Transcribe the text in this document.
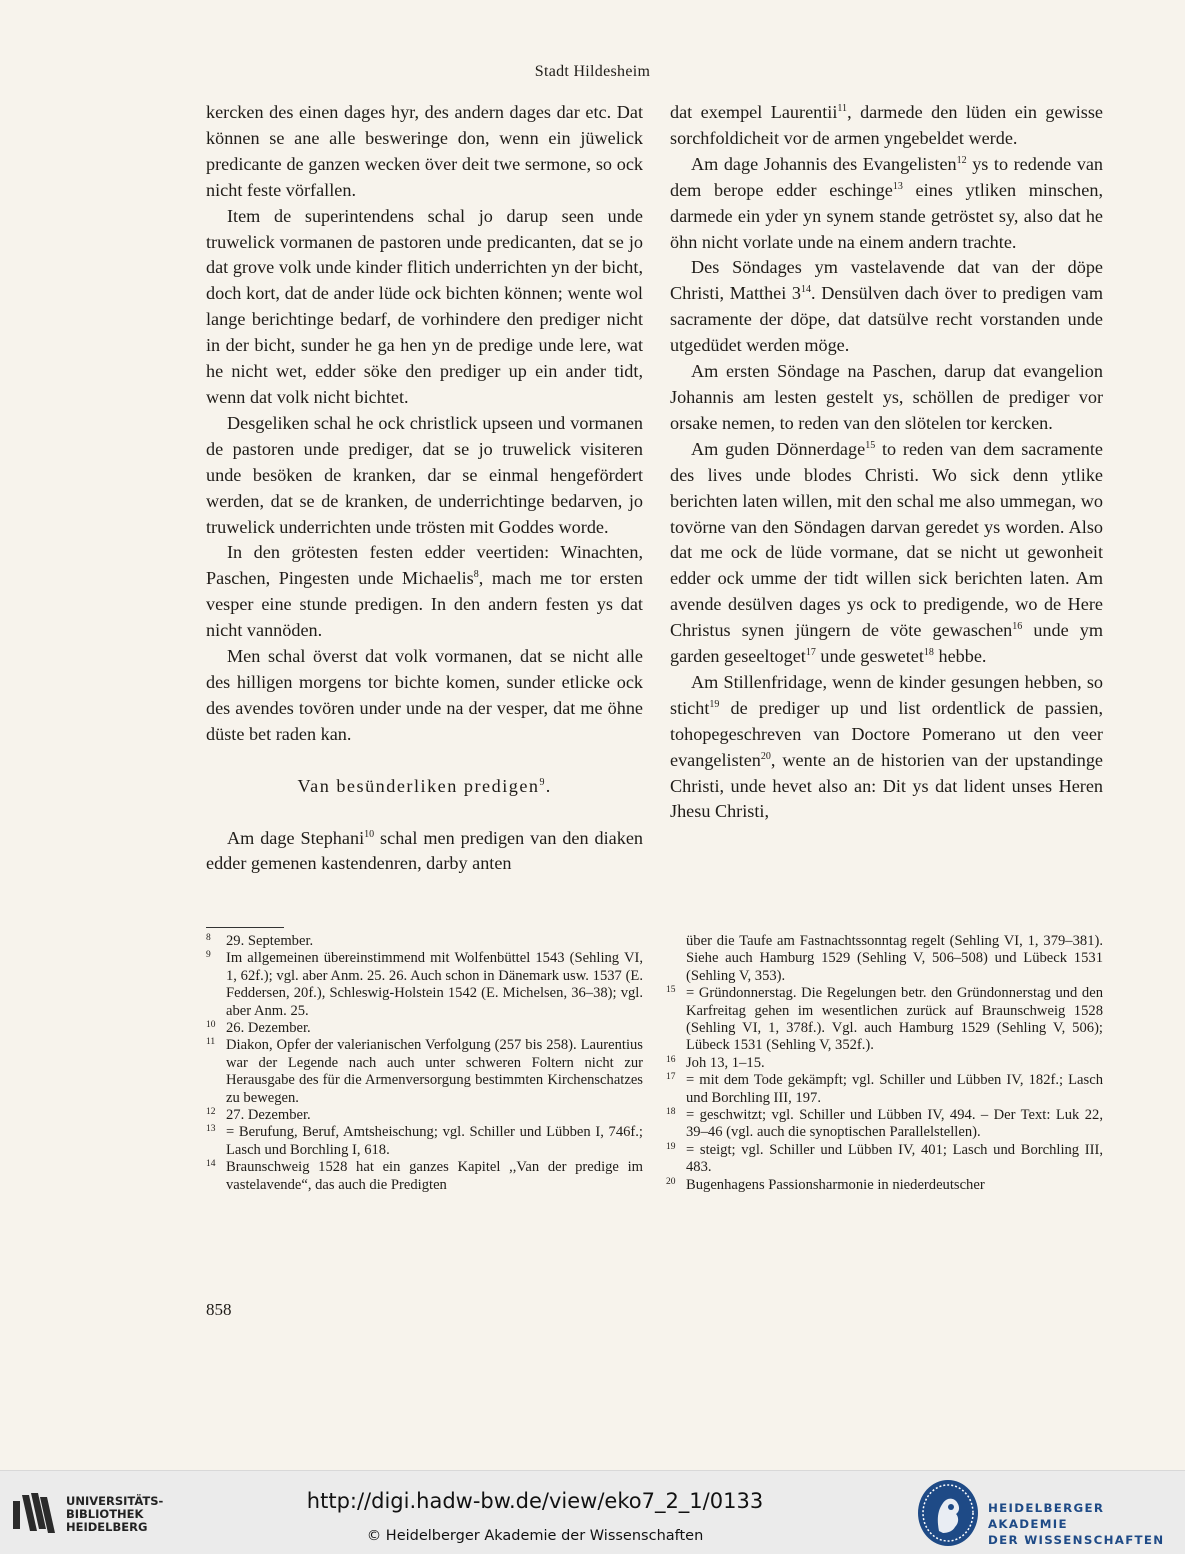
Stadt Hildesheim

kercken des einen dages hyr, des andern dages dar etc. Dat können se ane alle besweringe don, wenn ein jüwelick predicante de ganzen wecken över deit twe sermone, so ock nicht feste vörfallen.

Item de superintendens schal jo darup seen unde truwelick vormanen de pastoren unde predicanten, dat se jo dat grove volk unde kinder flitich underrichten yn der bicht, doch kort, dat de ander lüde ock bichten können; wente wol lange berichtinge bedarf, de vorhindere den prediger nicht in der bicht, sunder he ga hen yn de predige unde lere, wat he nicht wet, edder söke den prediger up ein ander tidt, wenn dat volk nicht bichtet.

Desgeliken schal he ock christlick upseen und vormanen de pastoren unde prediger, dat se jo truwelick visiteren unde besöken de kranken, dar se einmal hengefördert werden, dat se de kranken, de underrichtinge bedarven, jo truwelick underrichten unde trösten mit Goddes worde.

In den grötesten festen edder veertiden: Winachten, Paschen, Pingesten unde Michaelis$^8$, mach me tor ersten vesper eine stunde predigen. In den andern festen ys dat nicht vannöden.

Men schal överst dat volk vormanen, dat se nicht alle des hilligen morgens tor bichte komen, sunder etlicke ock des avendes tovören under unde na der vesper, dat me öhne düste bet raden kan.

Van besünderliken predigen$^9$.

Am dage Stephani$^{10}$ schal men predigen van den diaken edder gemenen kastendenren, darby anten

dat exempel Laurentii$^{11}$, darmede den lüden ein gewisse sorchfoldicheit vor de armen yngebeldet werde.

Am dage Johannis des Evangelisten$^{12}$ ys to redende van dem berope edder eschinge$^{13}$ eines ytliken minschen, darmede ein yder yn synem stande getröstet sy, also dat he öhn nicht vorlate unde na einem andern trachte.

Des Söndages ym vastelavende dat van der döpe Christi, Matthei $3^{14}$. Densülven dach över to predigen vam sacramente der döpe, dat datsülve recht vorstanden unde utgedüdet werden möge.

Am ersten Söndage na Paschen, darup dat evangelion Johannis am lesten gestelt ys, schöllen de prediger vor orsake nemen, to reden van den slötelen tor kercken.

Am guden Dönnerdage$^{15}$ to reden van dem sacramente des lives unde blodes Christi. Wo sick denn ytlike berichten laten willen, mit den schal me also ummegan, wo tovörne van den Söndagen darvan geredet ys worden. Also dat me ock de lüde vormane, dat se nicht ut gewonheit edder ock umme der tidt willen sick berichten laten. Am avende desülven dages ys ock to predigende, wo de Here Christus synen jüngern de vöte gewaschen$^{16}$ unde ym garden geseeltoget$^{17}$ unde geswetet$^{18}$ hebbe.

Am Stillenfridage, wenn de kinder gesungen hebben, so sticht$^{19}$ de prediger up und list ordentlick de passien, tohopegeschreven van Doctore Pomerano ut den veer evangelisten$^{20}$, wente an de historien van der upstandinge Christi, unde hevet also an: Dit ys dat lident unses Heren Jhesu Christi,

8 29. September.

9 Im allgemeinen übereinstimmend mit Wolfenbüttel 1543 (Sehling VI, 1, 62f.); vgl. aber Anm. 25. 26. Auch schon in Dänemark usw. 1537 (E. Feddersen, 20f.), Schleswig-Holstein 1542 (E. Michelsen, 36–38); vgl. aber Anm. 25.

10 26. Dezember.

11 Diakon, Opfer der valerianischen Verfolgung (257 bis 258). Laurentius war der Legende nach auch unter schweren Foltern nicht zur Herausgabe des für die Armenversorgung bestimmten Kirchenschatzes zu bewegen.

12 27. Dezember.

13 = Berufung, Beruf, Amtsheischung; vgl. Schiller und Lübben I, 746f.; Lasch und Borchling I, 618.

14 Braunschweig 1528 hat ein ganzes Kapitel ,,Van der predige im vastelavende“, das auch die Predigten

über die Taufe am Fastnachtssonntag regelt (Sehling VI, 1, 379–381). Siehe auch Hamburg 1529 (Sehling V, 506–508) und Lübeck 1531 (Sehling V, 353).

15 = Gründonnerstag. Die Regelungen betr. den Gründonnerstag und den Karfreitag gehen im wesentlichen zurück auf Braunschweig 1528 (Sehling VI, 1, 378f.). Vgl. auch Hamburg 1529 (Sehling V, 506); Lübeck 1531 (Sehling V, 352f.).

16 Joh 13, 1–15.

17 = mit dem Tode gekämpft; vgl. Schiller und Lübben IV, 182f.; Lasch und Borchling III, 197.

18 = geschwitzt; vgl. Schiller und Lübben IV, 494. – Der Text: Luk 22, 39–46 (vgl. auch die synoptischen Parallelstellen).

19 = steigt; vgl. Schiller und Lübben IV, 401; Lasch und Borchling III, 483.

20 Bugenhagens Passionsharmonie in niederdeutscher

858
UNIVERSITÄTS-
BIBLIOTHEK
HEIDELBERG
http://digi.hadw-bw.de/view/eko7_2_1/0133
© Heidelberger Akademie der Wissenschaften
HEIDELBERGER AKADEMIE
DER WISSENSCHAFTEN
